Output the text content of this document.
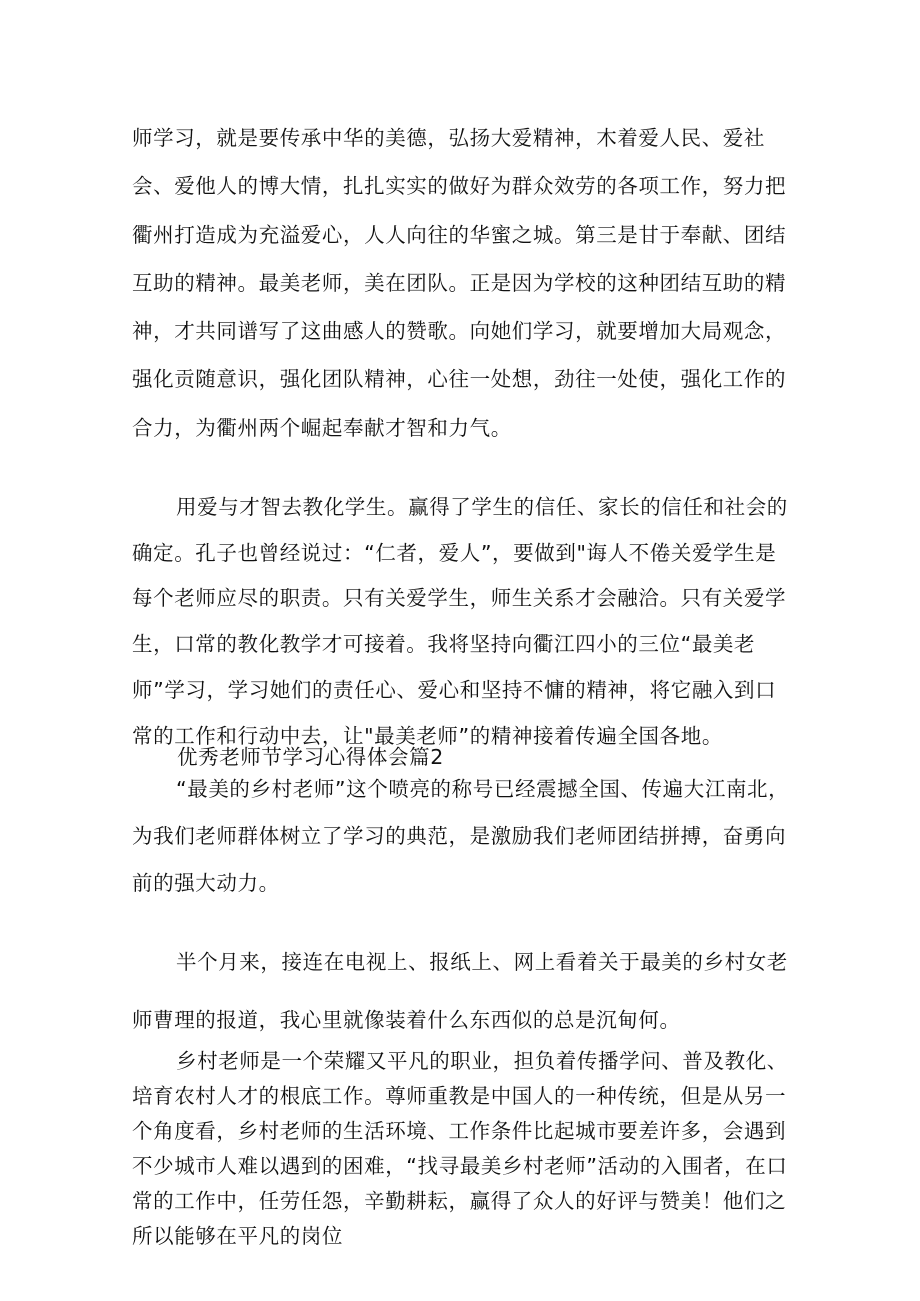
师学习，就是要传承中华的美德，弘扬大爱精神，木着爱人民、爱社会、爱他人的博大情，扎扎实实的做好为群众效劳的各项工作，努力把衢州打造成为充溢爱心，人人向往的华蜜之城。第三是甘于奉献、团结互助的精神。最美老师，美在团队。正是因为学校的这种团结互助的精神，才共同谱写了这曲感人的赞歌。向她们学习，就要增加大局观念，强化贡随意识，强化团队精神，心往一处想，劲往一处使，强化工作的合力，为衢州两个崛起奉献才智和力气。

用爱与才智去教化学生。赢得了学生的信任、家长的信任和社会的确定。孔子也曾经说过：“仁者，爱人”，要做到"诲人不倦关爱学生是每个老师应尽的职责。只有关爱学生，师生关系才会融洽。只有关爱学生，口常的教化教学才可接着。我将坚持向衢江四小的三位“最美老师”学习，学习她们的责任心、爱心和坚持不慵的精神，将它融入到口常的工作和行动中去，让"最美老师”的精神接着传遍全国各地。

优秀老师节学习心得体会篇2

“最美的乡村老师”这个喷亮的称号已经震撼全国、传遍大江南北，为我们老师群体树立了学习的典范，是激励我们老师团结拼搏，奋勇向前的强大动力。

半个月来，接连在电视上、报纸上、网上看着关于最美的乡村女老师曹理的报道，我心里就像装着什么东西似的总是沉甸何。

乡村老师是一个荣耀又平凡的职业，担负着传播学问、普及教化、培育农村人才的根底工作。尊师重教是中国人的一种传统，但是从另一个角度看，乡村老师的生活环境、工作条件比起城市要差许多，会遇到不少城市人难以遇到的困难，“找寻最美乡村老师”活动的入围者，在口常的工作中，任劳任怨，辛勤耕耘，赢得了众人的好评与赞美！他们之所以能够在平凡的岗位
